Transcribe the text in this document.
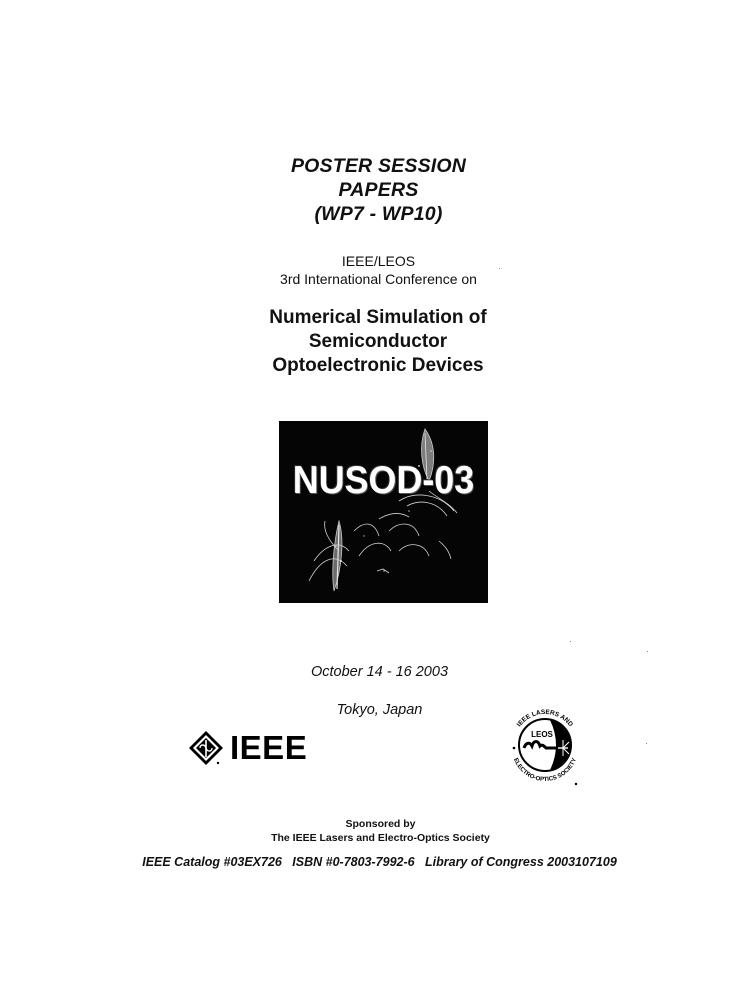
POSTER SESSION
PAPERS
(WP7 - WP10)
IEEE/LEOS
3rd International Conference on
Numerical Simulation of
Semiconductor
Optoelectronic Devices
NUSOD-03
October 14 - 16 2003
Tokyo, Japan
IEEE	LEOS
IEEE LASERS AND
ELECTRO-OPTICS SOCIETY
Sponsored by
The IEEE Lasers and Electro-Optics Society
IEEE Catalog #03EX726   ISBN #0-7803-7992-6   Library of Congress 2003107109
